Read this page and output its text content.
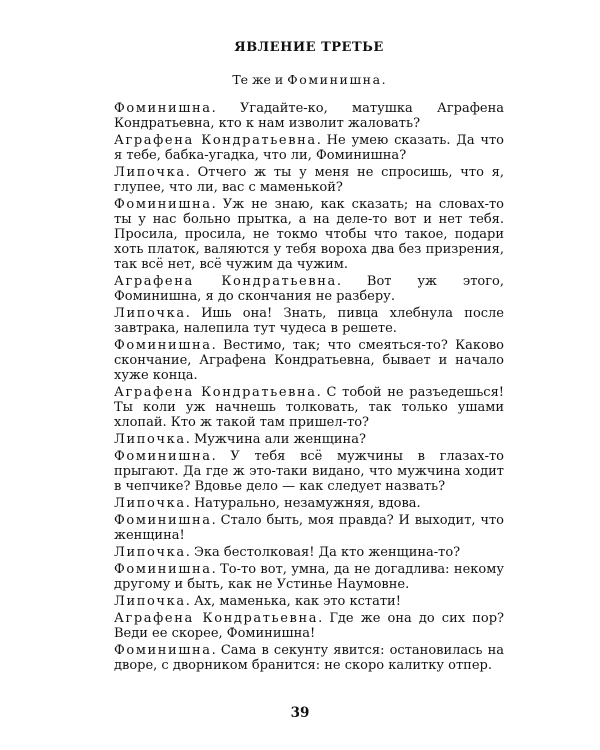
ЯВЛЕНИЕ ТРЕТЬЕ
Те же и Фоминишна.

Фоминишна. Угадайте-ко, матушка Аграфена Кондратьевна, кто к нам изволит жаловать?

Аграфена Кондратьевна. Не умею сказать. Да что я тебе, бабка-угадка, что ли, Фоминишна?

Липочка. Отчего ж ты у меня не спросишь, что я, глупее, что ли, вас с маменькой?

Фоминишна. Уж не знаю, как сказать; на словах-то ты у нас больно прытка, а на деле-то вот и нет тебя. Просила, просила, не токмо чтобы что такое, подари хоть платок, валяются у тебя вороха два без призрения, так всё нет, всё чужим да чужим.

Аграфена Кондратьевна. Вот уж этого, Фоминишна, я до скончания не разберу.

Липочка. Ишь она! Знать, пивца хлебнула после завтрака, налепила тут чудеса в решете.

Фоминишна. Вестимо, так; что смеяться-то? Каково скончание, Аграфена Кондратьевна, бывает и начало хуже конца.

Аграфена Кондратьевна. С тобой не разъедешься! Ты коли уж начнешь толковать, так только ушами хлопай. Кто ж такой там пришел-то?

Липочка. Мужчина али женщина?

Фоминишна. У тебя всё мужчины в глазах-то прыгают. Да где ж это-таки видано, что мужчина ходит в чепчике? Вдовье дело — как следует назвать?

Липочка. Натурально, незамужняя, вдова.

Фоминишна. Стало быть, моя правда? И выходит, что женщина!

Липочка. Эка бестолковая! Да кто женщина-то?

Фоминишна. То-то вот, умна, да не догадлива: некому другому и быть, как не Устинье Наумовне.

Липочка. Ах, маменька, как это кстати!

Аграфена Кондратьевна. Где же она до сих пор? Веди ее скорее, Фоминишна!

Фоминишна. Сама в секунту явится: остановилась на дворе, с дворником бранится: не скоро калитку отпер.

39
